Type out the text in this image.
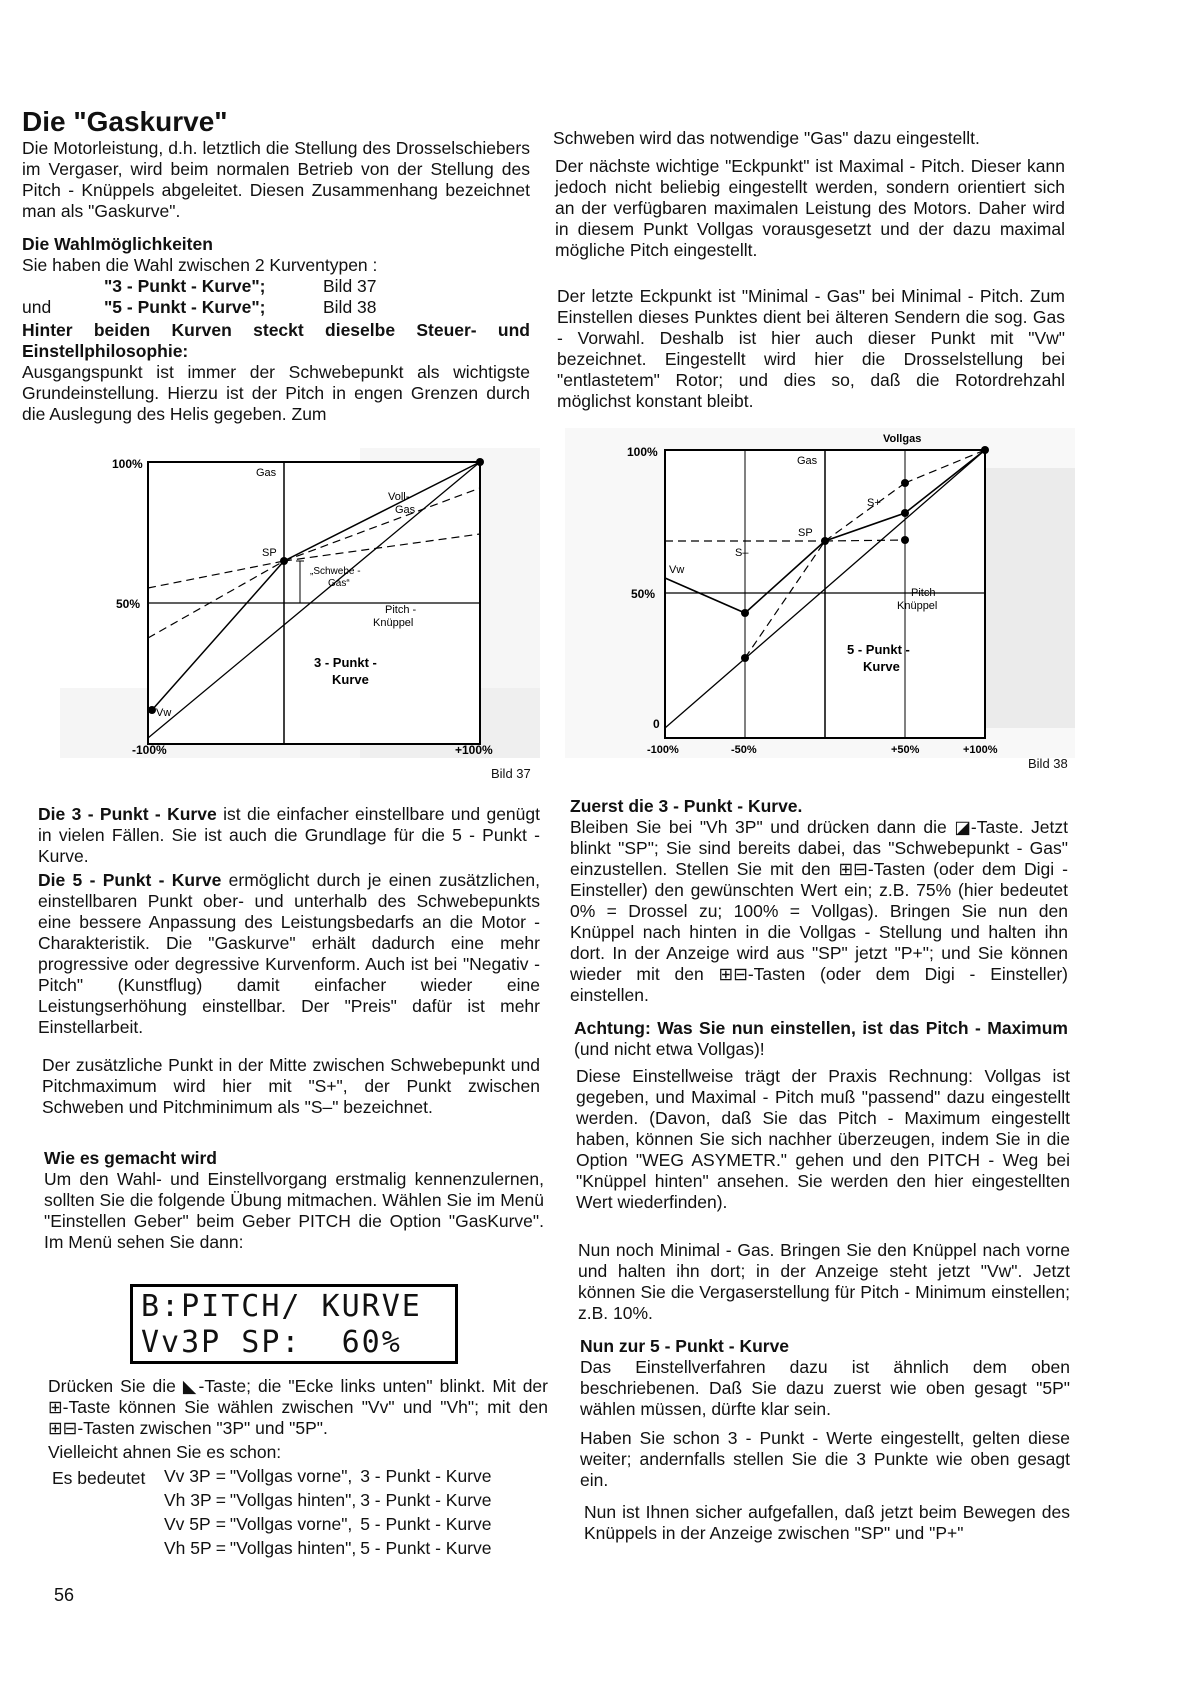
Die "Gaskurve"

Die Motorleistung, d.h. letztlich die Stellung des Drosselschiebers im Vergaser, wird beim normalen Betrieb von der Stellung des Pitch - Knüppels abgeleitet. Diesen Zusammenhang bezeichnet man als "Gaskurve".

Die Wahlmöglichkeiten

Sie haben die Wahl zwischen 2 Kurventypen :

"3 - Punkt - Kurve";	Bild 37

und	"5 - Punkt - Kurve";	Bild 38

Hinter beiden Kurven steckt dieselbe Steuer- und Einstellphilosophie:

Ausgangspunkt ist immer der Schwebepunkt als wichtigste Grundeinstellung. Hierzu ist der Pitch in engen Grenzen durch die Auslegung des Helis gegeben. Zum

100%
50%
-100%	+100%
Gas
Voll-
Gas
SP
„Schwebe -
Gas“
Pitch -
Knüppel
3 - Punkt -
Kurve
Vw

Bild 37

Die 3 - Punkt - Kurve ist die einfacher einstellbare und genügt in vielen Fällen. Sie ist auch die Grundlage für die 5 - Punkt - Kurve.

Die 5 - Punkt - Kurve ermöglicht durch je einen zusätzlichen, einstellbaren Punkt ober- und unterhalb des Schwebepunkts eine bessere Anpassung des Leistungsbedarfs an die Motor - Charakteristik. Die "Gaskurve" erhält dadurch eine mehr progressive oder degressive Kurvenform. Auch ist bei "Negativ - Pitch" (Kunstflug) damit einfacher wieder eine Leistungserhöhung einstellbar. Der "Preis" dafür ist mehr Einstellarbeit.

Der zusätzliche Punkt in der Mitte zwischen Schwebepunkt und Pitchmaximum wird hier mit "S+", der Punkt zwischen Schweben und Pitchminimum als "S–" bezeichnet.

Wie es gemacht wird

Um den Wahl- und Einstellvorgang erstmalig kennenzulernen, sollten Sie die folgende Übung mitmachen. Wählen Sie im Menü "Einstellen Geber" beim Geber PITCH die Option "GasKurve". Im Menü sehen Sie dann:

B:PITCH/ KURVE
Vv3P SP:  60%

Drücken Sie die ◣-Taste; die "Ecke links unten" blinkt. Mit der ⊞-Taste können Sie wählen zwischen "Vv" und "Vh"; mit den ⊞⊟-Tasten zwischen "3P" und "5P".

Vielleicht ahnen Sie es schon:

Es bedeutet Vv 3P	=	"Vollgas vorne",	3 - Punkt - Kurve
Vh 3P	=	"Vollgas hinten",	3 - Punkt - Kurve
Vv 5P	=	"Vollgas vorne",	5 - Punkt - Kurve
Vh 5P	=	"Vollgas hinten",	5 - Punkt - Kurve

56

Schweben wird das notwendige "Gas" dazu eingestellt.

Der nächste wichtige "Eckpunkt" ist Maximal - Pitch. Dieser kann jedoch nicht beliebig eingestellt werden, sondern orientiert sich an der verfügbaren maximalen Leistung des Motors. Daher wird in diesem Punkt Vollgas vorausgesetzt und der dazu maximal mögliche Pitch eingestellt.

Der letzte Eckpunkt ist "Minimal - Gas" bei Minimal - Pitch. Zum Einstellen dieses Punktes dient bei älteren Sendern die sog. Gas - Vorwahl. Deshalb ist hier auch dieser Punkt mit "Vw" bezeichnet. Eingestellt wird hier die Drosselstellung bei "entlastetem" Rotor; und dies so, daß die Rotordrehzahl möglichst konstant bleibt.

100%
50%
0
-100%	-50%	+50%	+100%
Vollgas
Gas
SP
S+
S–
Vw
Pitch -
Knüppel
5 - Punkt -
Kurve

Bild 38

Zuerst die 3 - Punkt - Kurve.

Bleiben Sie bei "Vh 3P" und drücken dann die ◪-Taste. Jetzt blinkt "SP"; Sie sind bereits dabei, das "Schwebepunkt - Gas" einzustellen. Stellen Sie mit den ⊞⊟-Tasten (oder dem Digi - Einsteller) den gewünschten Wert ein; z.B. 75% (hier bedeutet 0% = Drossel zu; 100% = Vollgas). Bringen Sie nun den Knüppel nach hinten in die Vollgas - Stellung und halten ihn dort. In der Anzeige wird aus "SP" jetzt "P+"; und Sie können wieder mit den ⊞⊟-Tasten (oder dem Digi - Einsteller) einstellen.

Achtung: Was Sie nun einstellen, ist das Pitch - Maximum (und nicht etwa Vollgas)!

Diese Einstellweise trägt der Praxis Rechnung: Vollgas ist gegeben, und Maximal - Pitch muß "passend" dazu eingestellt werden. (Davon, daß Sie das Pitch - Maximum eingestellt haben, können Sie sich nachher überzeugen, indem Sie in die Option "WEG ASYMETR." gehen und den PITCH - Weg bei "Knüppel hinten" ansehen. Sie werden den hier eingestellten Wert wiederfinden).

Nun noch Minimal - Gas. Bringen Sie den Knüppel nach vorne und halten ihn dort; in der Anzeige steht jetzt "Vw". Jetzt können Sie die Vergaserstellung für Pitch - Minimum einstellen; z.B. 10%.

Nun zur 5 - Punkt - Kurve

Das Einstellverfahren dazu ist ähnlich dem oben beschriebenen. Daß Sie dazu zuerst wie oben gesagt "5P" wählen müssen, dürfte klar sein.

Haben Sie schon 3 - Punkt - Werte eingestellt, gelten diese weiter; andernfalls stellen Sie die 3 Punkte wie oben gesagt ein.

Nun ist Ihnen sicher aufgefallen, daß jetzt beim Bewegen des Knüppels in der Anzeige zwischen "SP" und "P+"
